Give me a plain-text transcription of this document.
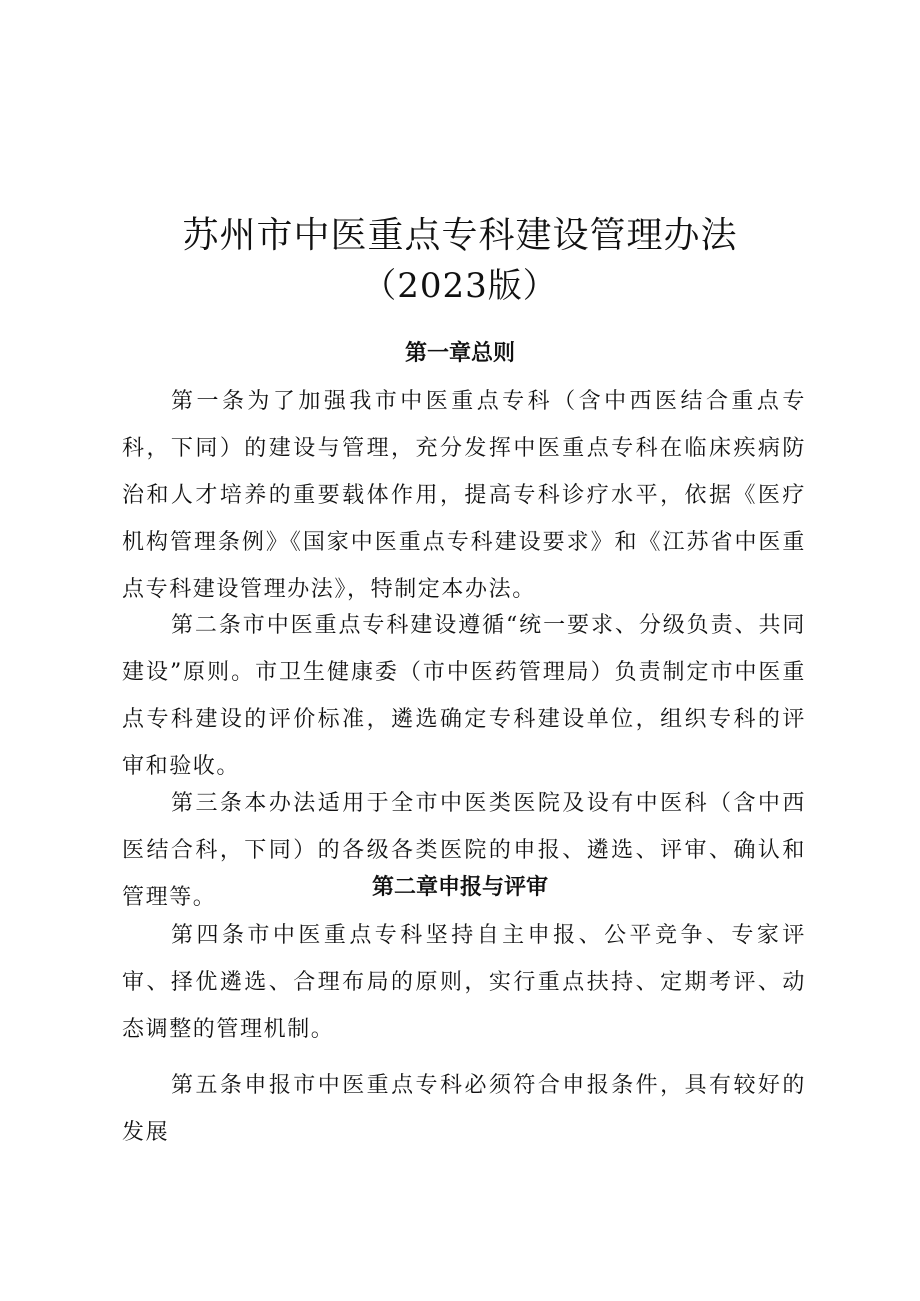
苏州市中医重点专科建设管理办法
（2023版）
第一章总则

第一条为了加强我市中医重点专科（含中西医结合重点专科，下同）的建设与管理，充分发挥中医重点专科在临床疾病防治和人才培养的重要载体作用，提高专科诊疗水平，依据《医疗机构管理条例》《国家中医重点专科建设要求》和《江苏省中医重点专科建设管理办法》，特制定本办法。

第二条市中医重点专科建设遵循“统一要求、分级负责、共同建设”原则。市卫生健康委（市中医药管理局）负责制定市中医重点专科建设的评价标准，遴选确定专科建设单位，组织专科的评审和验收。

第三条本办法适用于全市中医类医院及设有中医科（含中西医结合科，下同）的各级各类医院的申报、遴选、评审、确认和管理等。	第二章申报与评审

第四条市中医重点专科坚持自主申报、公平竞争、专家评审、择优遴选、合理布局的原则，实行重点扶持、定期考评、动态调整的管理机制。

第五条申报市中医重点专科必须符合申报条件，具有较好的发展
